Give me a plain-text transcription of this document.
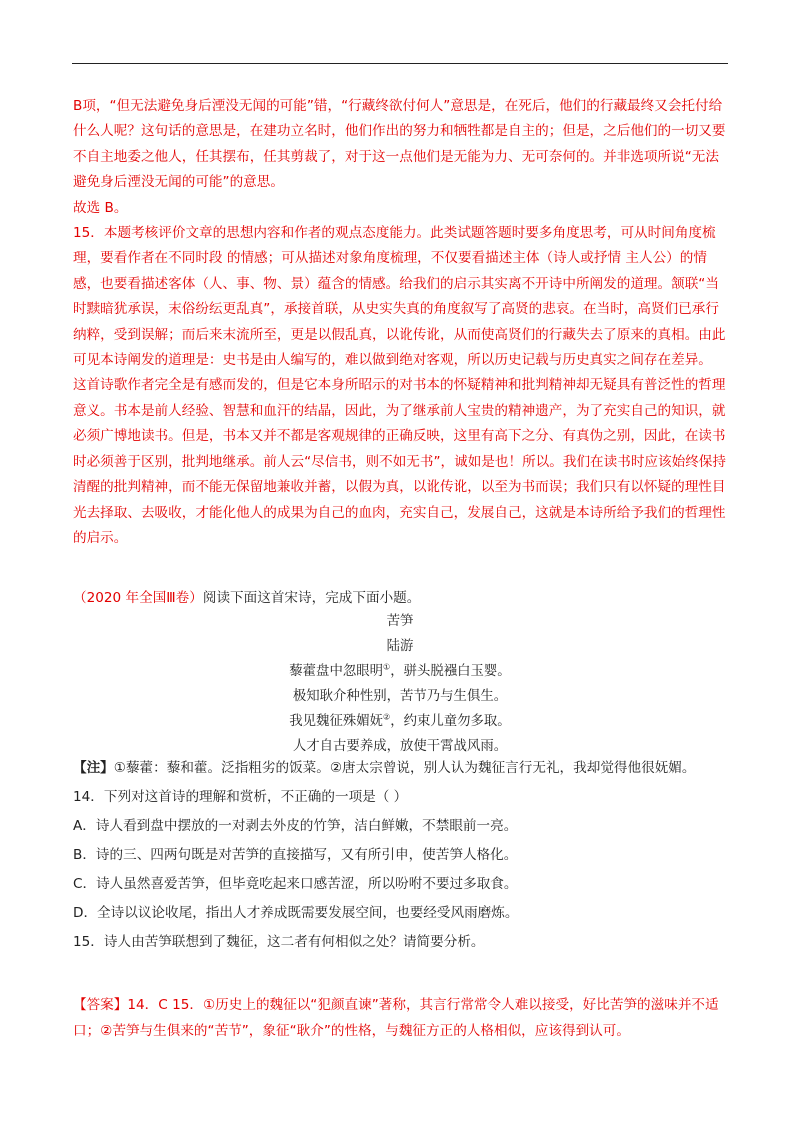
B项，“但无法避免身后湮没无闻的可能”错，“行藏终欲付何人”意思是，在死后，他们的行藏最终又会托付给什么人呢？这句话的意思是，在建功立名时，他们作出的努力和牺牲都是自主的；但是，之后他们的一切又要不自主地委之他人，任其摆布，任其剪裁了，对于这一点他们是无能为力、无可奈何的。并非选项所说“无法避免身后湮没无闻的可能”的意思。

故选 B。

15．本题考核评价文章的思想内容和作者的观点态度能力。此类试题答题时要多角度思考，可从时间角度梳理，要看作者在不同时段 的情感；可从描述对象角度梳理，不仅要看描述主体（诗人或抒情 主人公）的情感，也要看描述客体（人、事、物、景）蕴含的情感。给我们的启示其实离不开诗中所阐发的道理。颔联“当时黩暗犹承误，末俗纷纭更乱真”，承接首联，从史实失真的角度叙写了高贤的悲哀。在当时，高贤们已承行纳粹，受到误解；而后来末流所至，更是以假乱真，以讹传讹，从而使高贤们的行藏失去了原来的真相。由此可见本诗阐发的道理是：史书是由人编写的，难以做到绝对客观，所以历史记载与历史真实之间存在差异。

这首诗歌作者完全是有感而发的，但是它本身所昭示的对书本的怀疑精神和批判精神却无疑具有普泛性的哲理意义。书本是前人经验、智慧和血汗的结晶，因此，为了继承前人宝贵的精神遗产，为了充实自己的知识，就必须广博地读书。但是，书本又并不都是客观规律的正确反映，这里有高下之分、有真伪之别，因此，在读书时必须善于区别，批判地继承。前人云“尽信书，则不如无书”，诚如是也！所以。我们在读书时应该始终保持清醒的批判精神，而不能无保留地兼收并蓄，以假为真，以讹传讹，以至为书而误；我们只有以怀疑的理性目光去择取、去吸收，才能化他人的成果为自己的血肉，充实自己，发展自己，这就是本诗所给予我们的哲理性的启示。

（2020 年全国Ⅲ卷）阅读下面这首宋诗，完成下面小题。

苦笋

陆游

藜藿盘中忽眼明①，骈头脱襁白玉婴。

极知耿介种性别，苦节乃与生俱生。

我见魏征殊媚妩②，约束儿童勿多取。

人才自古要养成，放使干霄战风雨。

【注】①藜藿：藜和藿。泛指粗劣的饭菜。②唐太宗曾说，别人认为魏征言行无礼，我却觉得他很妩媚。

14．下列对这首诗的理解和赏析，不正确的一项是（ ）

A．诗人看到盘中摆放的一对剥去外皮的竹笋，洁白鲜嫩，不禁眼前一亮。

B．诗的三、四两句既是对苦笋的直接描写，又有所引申，使苦笋人格化。

C．诗人虽然喜爱苦笋，但毕竟吃起来口感苦涩，所以吩咐不要过多取食。

D．全诗以议论收尾，指出人才养成既需要发展空间，也要经受风雨磨炼。

15．诗人由苦笋联想到了魏征，这二者有何相似之处？请简要分析。

【答案】14．C 15．①历史上的魏征以“犯颜直谏”著称，其言行常常令人难以接受，好比苦笋的滋味并不适口；②苦笋与生俱来的“苦节”，象征“耿介”的性格，与魏征方正的人格相似，应该得到认可。
